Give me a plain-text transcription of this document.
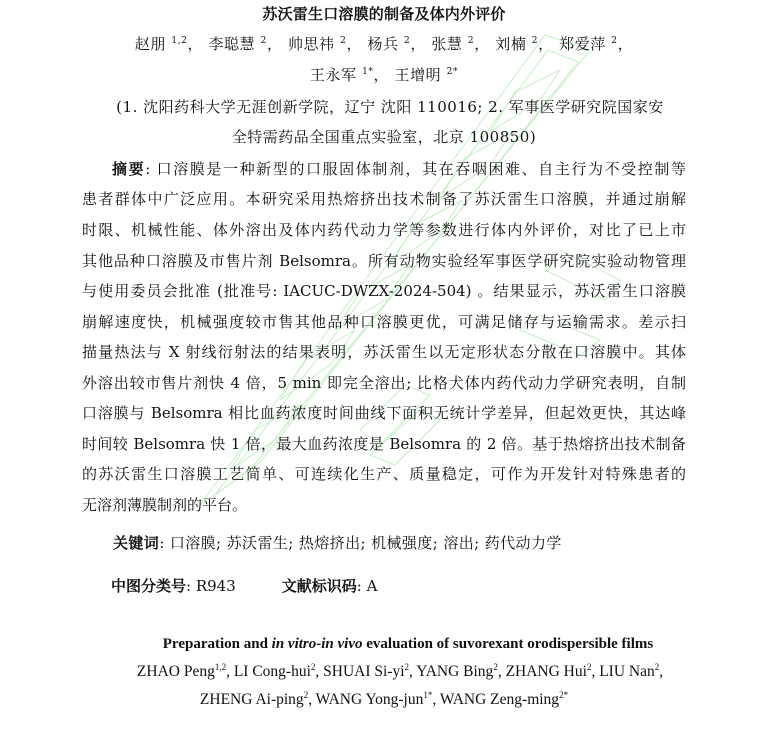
苏沃雷生口溶膜的制备及体内外评价
赵朋 $^{1,2}$， 李聪慧 $^2$， 帅思祎 $^2$， 杨兵 $^2$， 张慧 $^2$， 刘楠 $^2$， 郑爱萍 $^2$，
王永军 $^{1*}$， 王增明 $^{2*}$
(1. 沈阳药科大学无涯创新学院，辽宁 沈阳 110016; 2. 军事医学研究院国家安
全特需药品全国重点实验室，北京 100850)
摘要: 口溶膜是一种新型的口服固体制剂，其在吞咽困难、自主行为不受控制等
患者群体中广泛应用。本研究采用热熔挤出技术制备了苏沃雷生口溶膜，并通过崩解
时限、机械性能、体外溶出及体内药代动力学等参数进行体内外评价，对比了已上市
其他品种口溶膜及市售片剂 Belsomra。所有动物实验经军事医学研究院实验动物管理
与使用委员会批准 (批准号: IACUC-DWZX-2024-504) 。结果显示，苏沃雷生口溶膜
崩解速度快，机械强度较市售其他品种口溶膜更优，可满足储存与运输需求。差示扫
描量热法与 X 射线衍射法的结果表明，苏沃雷生以无定形状态分散在口溶膜中。其体
外溶出较市售片剂快 4 倍，5 min 即完全溶出; 比格犬体内药代动力学研究表明，自制
口溶膜与 Belsomra 相比血药浓度时间曲线下面积无统计学差异，但起效更快，其达峰
时间较 Belsomra 快 1 倍，最大血药浓度是 Belsomra 的 2 倍。基于热熔挤出技术制备
的苏沃雷生口溶膜工艺简单、可连续化生产、质量稳定，可作为开发针对特殊患者的
无溶剂薄膜制剂的平台。
关键词: 口溶膜; 苏沃雷生; 热熔挤出; 机械强度; 溶出; 药代动力学
中图分类号: R943	文献标识码: A
Preparation and in vitro-in vivo evaluation of suvorexant orodispersible films
ZHAO Peng$^{1,2}$, LI Cong-hui$^2$, SHUAI $Si-yi^2$, YANG Bing$^2$, ZHANG Hui$^2$, LIU Nan$^2$,
ZHENG Ai-ping$^2$, WANG Yong-jun$^{1*}$, WANG Zeng-ming$^{2*}$
